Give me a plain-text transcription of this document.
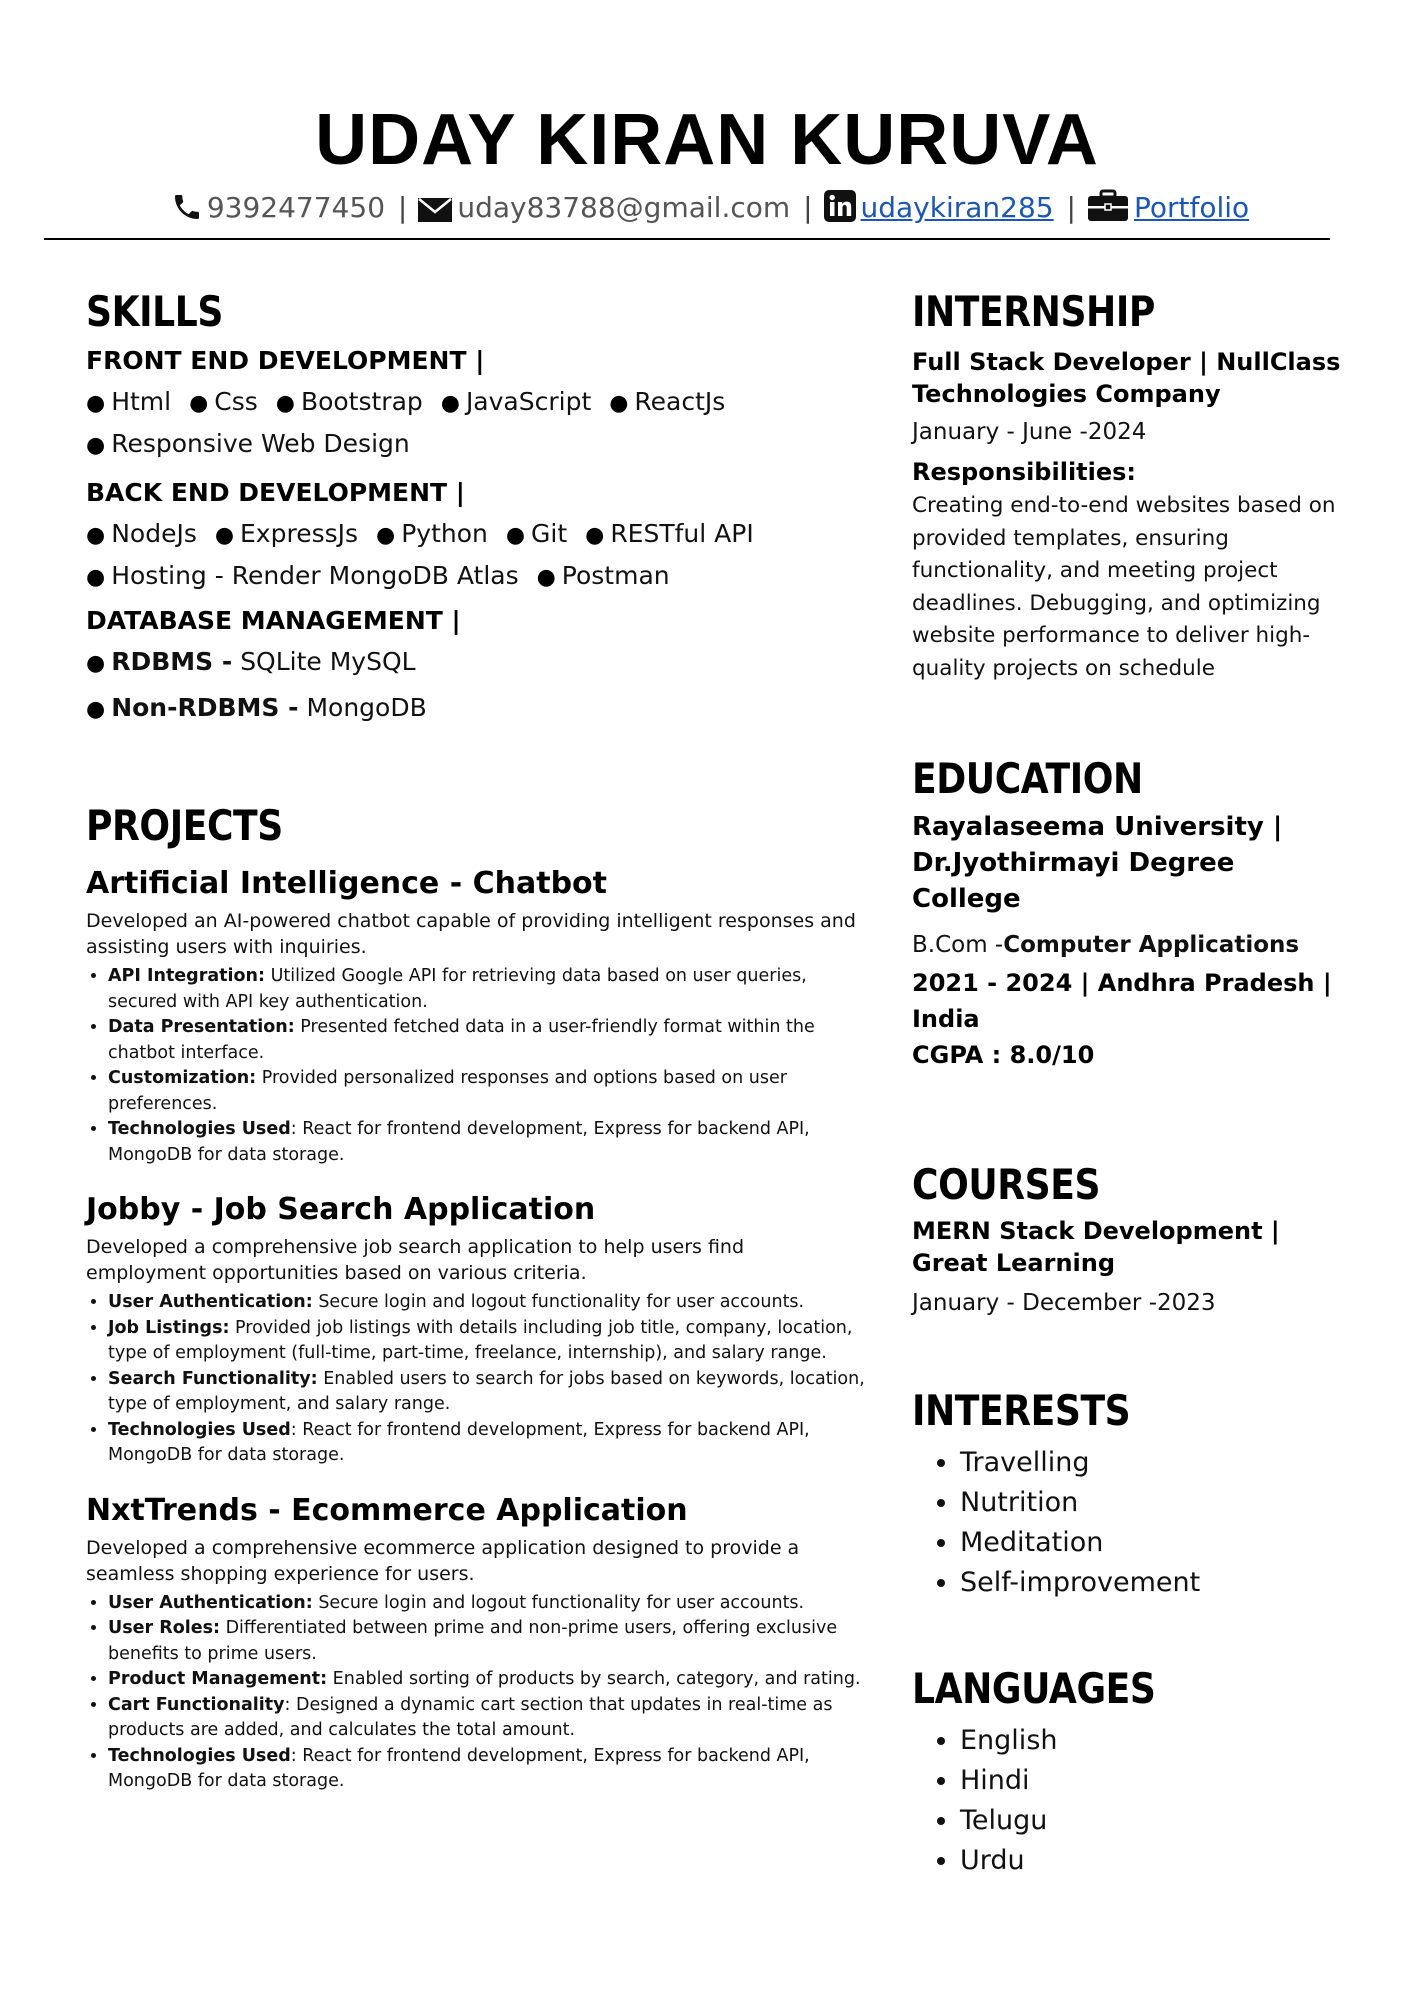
UDAY KIRAN KURUVA
9392477450 | uday83788@gmail.com | udaykiran285 | Portfolio
SKILLS
FRONT END DEVELOPMENT |
● Html ● Css ● Bootstrap ● JavaScript ● ReactJs
● Responsive Web Design
BACK END DEVELOPMENT |
● NodeJs ● ExpressJs ● Python ● Git ● RESTful API
● Hosting - Render MongoDB Atlas ● Postman
DATABASE MANAGEMENT |
● RDBMS - SQLite MySQL
● Non-RDBMS - MongoDB
PROJECTS
Artificial Intelligence - Chatbot

Developed an AI-powered chatbot capable of providing intelligent responses and assisting users with inquiries.

• API Integration: Utilized Google API for retrieving data based on user queries, secured with API key authentication.
• Data Presentation: Presented fetched data in a user-friendly format within the chatbot interface.
• Customization: Provided personalized responses and options based on user preferences.
• Technologies Used: React for frontend development, Express for backend API, MongoDB for data storage.
Jobby - Job Search Application

Developed a comprehensive job search application to help users find employment opportunities based on various criteria.

• User Authentication: Secure login and logout functionality for user accounts.
• Job Listings: Provided job listings with details including job title, company, location, type of employment (full-time, part-time, freelance, internship), and salary range.
• Search Functionality: Enabled users to search for jobs based on keywords, location, type of employment, and salary range.
• Technologies Used: React for frontend development, Express for backend API, MongoDB for data storage.
NxtTrends - Ecommerce Application

Developed a comprehensive ecommerce application designed to provide a seamless shopping experience for users.

• User Authentication: Secure login and logout functionality for user accounts.
• User Roles: Differentiated between prime and non-prime users, offering exclusive benefits to prime users.
• Product Management: Enabled sorting of products by search, category, and rating.
• Cart Functionality: Designed a dynamic cart section that updates in real-time as products are added, and calculates the total amount.
• Technologies Used: React for frontend development, Express for backend API, MongoDB for data storage.
INTERNSHIP
Full Stack Developer | NullClass Technologies Company
January - June -2024
Responsibilities:
Creating end-to-end websites based on provided templates, ensuring functionality, and meeting project deadlines. Debugging, and optimizing website performance to deliver high-quality projects on schedule
EDUCATION
Rayalaseema University | Dr.Jyothirmayi Degree College
B.Com -Computer Applications
2021 - 2024 | Andhra Pradesh | India
CGPA : 8.0/10
COURSES
MERN Stack Development | Great Learning
January - December -2023
INTERESTS
• Travelling
• Nutrition
• Meditation
• Self-improvement
LANGUAGES
• English
• Hindi
• Telugu
• Urdu
